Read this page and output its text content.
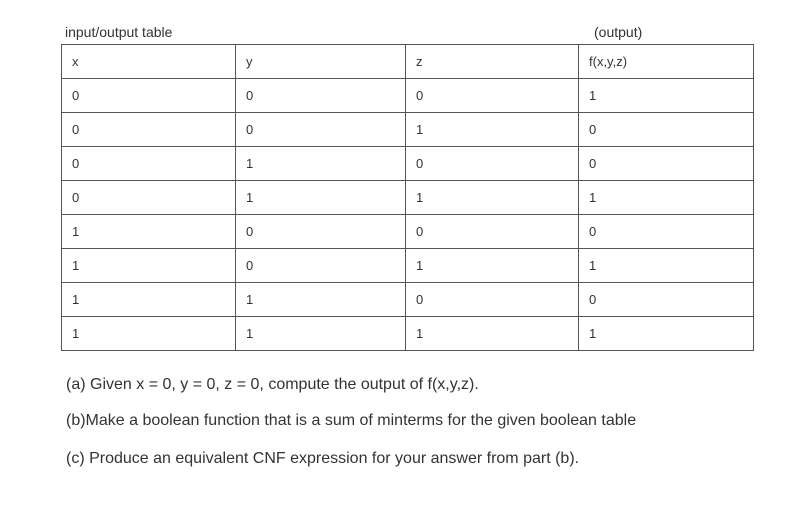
input/output table	(output)
x	y	z	f(x,y,z)
0	0	0	1
0	0	1	0
0	1	0	0
0	1	1	1
1	0	0	0
1	0	1	1
1	1	0	0
1	1	1	1
(a) Given x = 0, y = 0, z = 0, compute the output of f(x,y,z).
(b)Make a boolean function that is a sum of minterms for the given boolean table
(c) Produce an equivalent CNF expression for your answer from part (b).
